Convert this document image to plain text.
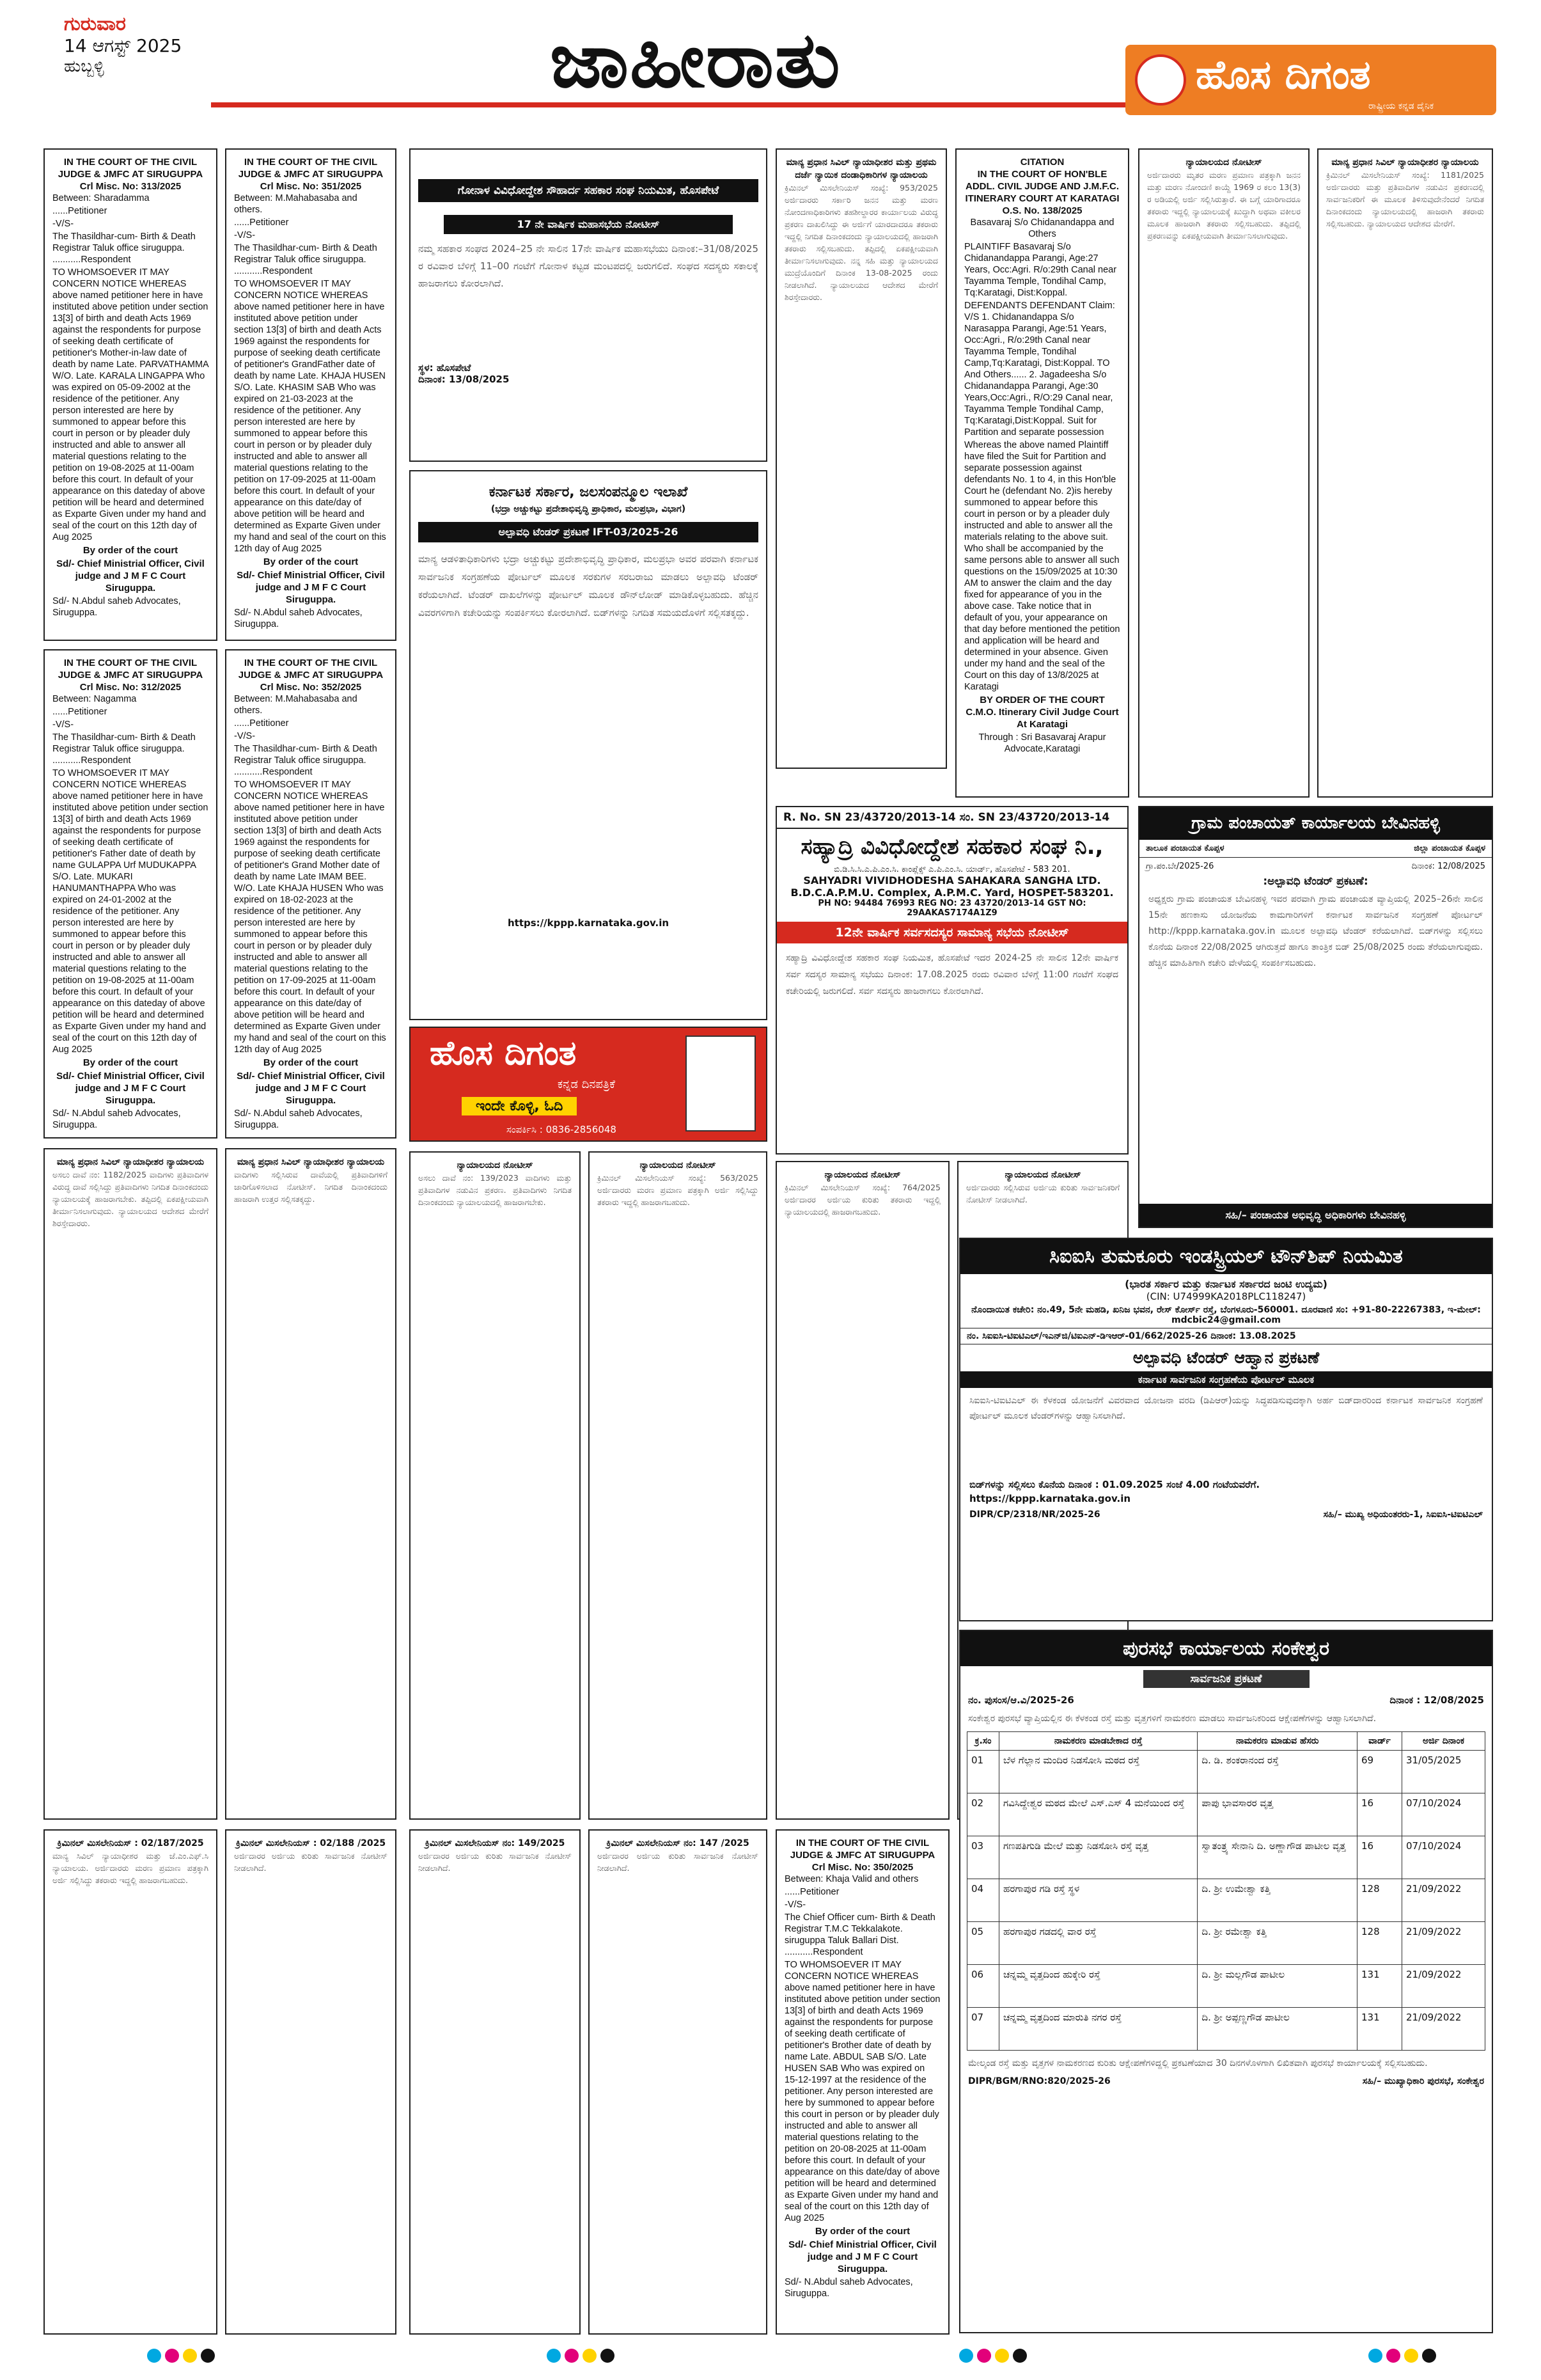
ಗುರುವಾರ
14 ಆಗಸ್ಟ್ 2025
ಹುಬ್ಬಳ್ಳಿ	ಜಾಹೀರಾತು	ಹೊಸ ದಿಗಂತ
ರಾಷ್ಟ್ರೀಯ ಕನ್ನಡ ದೈನಿಕ
IN THE COURT OF THE CIVIL JUDGE & JMFC AT SIRUGUPPA
Crl Misc. No: 313/2025

Between: Sharadamma

......Petitioner

-V/S-

The Thasildhar-cum- Birth & Death Registrar Taluk office siruguppa. ...........Respondent

TO WHOMSOEVER IT MAY CONCERN NOTICE WHEREAS above named petitioner here in have instituted above petition under section 13[3] of birth and death Acts 1969 against the respondents for purpose of seeking death certificate of petitioner's Mother-in-law date of death by name Late. PARVATHAMMA W/O. Late. KARALA LINGAPPA Who was expired on 05-09-2002 at the residence of the petitioner. Any person interested are here by summoned to appear before this court in person or by pleader duly instructed and able to answer all material questions relating to the petition on 19-08-2025 at 11-00am before this court. In default of your appearance on this dateday of above petition will be heard and determined as Exparte Given under my hand and seal of the court on this 12th day of Aug 2025

By order of the court

Sd/- Chief Ministrial Officer, Civil judge and J M F C Court Siruguppa.

Sd/- N.Abdul saheb Advocates, Siruguppa.

IN THE COURT OF THE CIVIL JUDGE & JMFC AT SIRUGUPPA
Crl Misc. No: 351/2025

Between: M.Mahabasaba and others.

......Petitioner

-V/S-

The Thasildhar-cum- Birth & Death Registrar Taluk office siruguppa. ...........Respondent

TO WHOMSOEVER IT MAY CONCERN NOTICE WHEREAS above named petitioner here in have instituted above petition under section 13[3] of birth and death Acts 1969 against the respondents for purpose of seeking death certificate of petitioner's GrandFather date of death by name Late. KHAJA HUSEN S/O. Late. KHASIM SAB Who was expired on 21-03-2023 at the residence of the petitioner. Any person interested are here by summoned to appear before this court in person or by pleader duly instructed and able to answer all material questions relating to the petition on 17-09-2025 at 11-00am before this court. In default of your appearance on this date/day of above petition will be heard and determined as Exparte Given under my hand and seal of the court on this 12th day of Aug 2025

By order of the court

Sd/- Chief Ministrial Officer, Civil judge and J M F C Court Siruguppa.

Sd/- N.Abdul saheb Advocates, Siruguppa.

IN THE COURT OF THE CIVIL JUDGE & JMFC AT SIRUGUPPA
Crl Misc. No: 312/2025

Between: Nagamma

......Petitioner

-V/S-

The Thasildhar-cum- Birth & Death Registrar Taluk office siruguppa. ...........Respondent

TO WHOMSOEVER IT MAY CONCERN NOTICE WHEREAS above named petitioner here in have instituted above petition under section 13[3] of birth and death Acts 1969 against the respondents for purpose of seeking death certificate of petitioner's Father date of death by name GULAPPA Urf MUDUKAPPA S/O. Late. MUKARI HANUMANTHAPPA Who was expired on 24-01-2002 at the residence of the petitioner. Any person interested are here by summoned to appear before this court in person or by pleader duly instructed and able to answer all material questions relating to the petition on 19-08-2025 at 11-00am before this court. In default of your appearance on this dateday of above petition will be heard and determined as Exparte Given under my hand and seal of the court on this 12th day of Aug 2025

By order of the court

Sd/- Chief Ministrial Officer, Civil judge and J M F C Court Siruguppa.

Sd/- N.Abdul saheb Advocates, Siruguppa.

IN THE COURT OF THE CIVIL JUDGE & JMFC AT SIRUGUPPA
Crl Misc. No: 352/2025

Between: M.Mahabasaba and others.

......Petitioner

-V/S-

The Thasildhar-cum- Birth & Death Registrar Taluk office siruguppa. ...........Respondent

TO WHOMSOEVER IT MAY CONCERN NOTICE WHEREAS above named petitioner here in have instituted above petition under section 13[3] of birth and death Acts 1969 against the respondents for purpose of seeking death certificate of petitioner's Grand Mother date of death by name Late IMAM BEE. W/O. Late KHAJA HUSEN Who was expired on 18-02-2023 at the residence of the petitioner. Any person interested are here by summoned to appear before this court in person or by pleader duly instructed and able to answer all material questions relating to the petition on 17-09-2025 at 11-00am before this court. In default of your appearance on this date/day of above petition will be heard and determined as Exparte Given under my hand and seal of the court on this 12th day of Aug 2025

By order of the court

Sd/- Chief Ministrial Officer, Civil judge and J M F C Court Siruguppa.

Sd/- N.Abdul saheb Advocates, Siruguppa.

ಗೋನಾಳ ವಿವಿಧೋದ್ದೇಶ ಸೌಹಾರ್ದ ಸಹಕಾರ ಸಂಘ ನಿಯಮಿತ, ಹೊಸಪೇಟೆ
17 ನೇ ವಾರ್ಷಿಕ ಮಹಾಸಭೆಯ ನೋಟೀಸ್
ನಮ್ಮ ಸಹಕಾರ ಸಂಘದ 2024–25 ನೇ ಸಾಲಿನ 17ನೇ ವಾರ್ಷಿಕ ಮಹಾಸಭೆಯು ದಿನಾಂಕ:–31/08/2025 ರ ರವಿವಾರ ಬೆಳಿಗ್ಗೆ 11–00 ಗಂಟೆಗೆ ಗೋನಾಳ ಕಟ್ಟಡ ಮಂಟಪದಲ್ಲಿ ಜರುಗಲಿದೆ. ಸಂಘದ ಸದಸ್ಯರು ಸಕಾಲಕ್ಕೆ ಹಾಜರಾಗಲು ಕೋರಲಾಗಿದೆ.
ಸ್ಥಳ: ಹೊಸಪೇಟೆ
ದಿನಾಂಕ: 13/08/2025
ಕರ್ನಾಟಕ ಸರ್ಕಾರ, ಜಲಸಂಪನ್ಮೂಲ ಇಲಾಖೆ
(ಭದ್ರಾ ಅಚ್ಚುಕಟ್ಟು ಪ್ರದೇಶಾಭಿವೃದ್ಧಿ ಪ್ರಾಧಿಕಾರ, ಮಲಪ್ರಭಾ, ವಿಭಾಗ)
ಅಲ್ಪಾವಧಿ ಟೆಂಡರ್ ಪ್ರಕಟಣೆ IFT-03/2025-26
ಮಾನ್ಯ ಆಡಳಿತಾಧಿಕಾರಿಗಳು ಭದ್ರಾ ಅಚ್ಚುಕಟ್ಟು ಪ್ರದೇಶಾಭಿವೃದ್ಧಿ ಪ್ರಾಧಿಕಾರ, ಮಲಪ್ರಭಾ ಅವರ ಪರವಾಗಿ ಕರ್ನಾಟಕ ಸಾರ್ವಜನಿಕ ಸಂಗ್ರಹಣೆಯ ಪೋರ್ಟಲ್ ಮೂಲಕ ಸರಕುಗಳ ಸರಬರಾಜು ಮಾಡಲು ಅಲ್ಪಾವಧಿ ಟೆಂಡರ್ ಕರೆಯಲಾಗಿದೆ. ಟೆಂಡರ್ ದಾಖಲೆಗಳನ್ನು ಪೋರ್ಟಲ್ ಮೂಲಕ ಡೌನ್‌ಲೋಡ್ ಮಾಡಿಕೊಳ್ಳಬಹುದು. ಹೆಚ್ಚಿನ ವಿವರಗಳಿಗಾಗಿ ಕಚೇರಿಯನ್ನು ಸಂಪರ್ಕಿಸಲು ಕೋರಲಾಗಿದೆ. ಬಿಡ್‌ಗಳನ್ನು ನಿಗದಿತ ಸಮಯದೊಳಗೆ ಸಲ್ಲಿಸತಕ್ಕದ್ದು.
https://kppp.karnataka.gov.in
ಹೊಸ ದಿಗಂತ
ಕನ್ನಡ ದಿನಪತ್ರಿಕೆ
ಇಂದೇ ಕೊಳ್ಳಿ, ಓದಿ
ಸಂಪರ್ಕಿಸಿ : 0836-2856048
ಮಾನ್ಯ ಪ್ರಧಾನ ಸಿವಿಲ್ ನ್ಯಾಯಾಧೀಶರ ಮತ್ತು ಪ್ರಥಮ ದರ್ಜೆ ನ್ಯಾಯಿಕ ದಂಡಾಧಿಕಾರಿಗಳ ನ್ಯಾಯಾಲಯ
ಕ್ರಿಮಿನಲ್ ಮಿಸಲೇನಿಯಸ್ ಸಂಖ್ಯೆ: 953/2025 ಅರ್ಜಿದಾರರು ಸರ್ಕಾರಿ ಜನನ ಮತ್ತು ಮರಣ ನೋಂದಣಾಧಿಕಾರಿಗಳು ತಹಶೀಲ್ದಾರರ ಕಾರ್ಯಾಲಯ ವಿರುದ್ಧ ಪ್ರಕರಣ ದಾಖಲಿಸಿದ್ದು ಈ ಅರ್ಜಿಗೆ ಯಾರದಾದರೂ ತಕರಾರು ಇದ್ದಲ್ಲಿ ನಿಗದಿತ ದಿನಾಂಕದಂದು ನ್ಯಾಯಾಲಯದಲ್ಲಿ ಹಾಜರಾಗಿ ತಕರಾರು ಸಲ್ಲಿಸಬಹುದು. ತಪ್ಪಿದಲ್ಲಿ ಏಕಪಕ್ಷೀಯವಾಗಿ ತೀರ್ಮಾನಿಸಲಾಗುವುದು. ನನ್ನ ಸಹಿ ಮತ್ತು ನ್ಯಾಯಾಲಯದ ಮುದ್ರೆಯೊಂದಿಗೆ ದಿನಾಂಕ 13-08-2025 ರಂದು ನೀಡಲಾಗಿದೆ. ನ್ಯಾಯಾಲಯದ ಆದೇಶದ ಮೇರೆಗೆ ಶಿರಸ್ತೇದಾರರು.
CITATION
IN THE COURT OF HON'BLE ADDL. CIVIL JUDGE AND J.M.F.C. ITINERARY COURT AT KARATAGI
O.S. No. 138/2025

Basavaraj S/o Chidanandappa and Others

PLAINTIFF Basavaraj S/o Chidanandappa Parangi, Age:27 Years, Occ:Agri. R/o:29th Canal near Tayamma Temple, Tondihal Camp, Tq:Karatagi, Dist:Koppal.

DEFENDANTS DEFENDANT Claim: V/S 1. Chidanandappa S/o Narasappa Parangi, Age:51 Years, Occ:Agri., R/o:29th Canal near Tayamma Temple, Tondihal Camp,Tq:Karatagi, Dist:Koppal. TO And Others...... 2. Jagadeesha S/o Chidanandappa Parangi, Age:30 Years,Occ:Agri., R/O:29 Canal near, Tayamma Temple Tondihal Camp, Tq:Karatagi,Dist:Koppal. Suit for Partition and separate possession

Whereas the above named Plaintiff have filed the Suit for Partition and separate possession against defendants No. 1 to 4, in this Hon'ble Court he (defendant No. 2)is hereby summoned to appear before this court in person or by a pleader duly instructed and able to answer all the materials relating to the above suit. Who shall be accompanied by the same persons able to answer all such questions on the 15/09/2025 at 10:30 AM to answer the claim and the day fixed for appearance of you in the above case. Take notice that in default of you, your appearance on that day before mentioned the petition and application will be heard and determined in your absence. Given under my hand and the seal of the Court on this day of 13/8/2025 at Karatagi

BY ORDER OF THE COURT C.M.O. Itinerary Civil Judge Court At Karatagi

Through : Sri Basavaraj Arapur Advocate,Karatagi

ನ್ಯಾಯಾಲಯದ ನೋಟೀಸ್
ಅರ್ಜಿದಾರರು ಮೃತರ ಮರಣ ಪ್ರಮಾಣ ಪತ್ರಕ್ಕಾಗಿ ಜನನ ಮತ್ತು ಮರಣ ನೋಂದಣಿ ಕಾಯ್ದೆ 1969 ರ ಕಲಂ 13(3) ರ ಅಡಿಯಲ್ಲಿ ಅರ್ಜಿ ಸಲ್ಲಿಸಿರುತ್ತಾರೆ. ಈ ಬಗ್ಗೆ ಯಾರಿಗಾದರೂ ತಕರಾರು ಇದ್ದಲ್ಲಿ ನ್ಯಾಯಾಲಯಕ್ಕೆ ಖುದ್ದಾಗಿ ಅಥವಾ ವಕೀಲರ ಮೂಲಕ ಹಾಜರಾಗಿ ತಕರಾರು ಸಲ್ಲಿಸಬಹುದು. ತಪ್ಪಿದಲ್ಲಿ ಪ್ರಕರಣವನ್ನು ಏಕಪಕ್ಷೀಯವಾಗಿ ತೀರ್ಮಾನಿಸಲಾಗುವುದು.
ಮಾನ್ಯ ಪ್ರಧಾನ ಸಿವಿಲ್ ನ್ಯಾಯಾಧೀಶರ ನ್ಯಾಯಾಲಯ
ಕ್ರಿಮಿನಲ್ ಮಿಸಲೇನಿಯಸ್ ಸಂಖ್ಯೆ: 1181/2025 ಅರ್ಜಿದಾರರು ಮತ್ತು ಪ್ರತಿವಾದಿಗಳ ನಡುವಿನ ಪ್ರಕರಣದಲ್ಲಿ ಸಾರ್ವಜನಿಕರಿಗೆ ಈ ಮೂಲಕ ತಿಳಿಸುವುದೇನೆಂದರೆ ನಿಗದಿತ ದಿನಾಂಕದಂದು ನ್ಯಾಯಾಲಯದಲ್ಲಿ ಹಾಜರಾಗಿ ತಕರಾರು ಸಲ್ಲಿಸಬಹುದು. ನ್ಯಾಯಾಲಯದ ಆದೇಶದ ಮೇರೆಗೆ.
R. No. SN 23/43720/2013-14 ಸಂ. SN 23/43720/2013-14
ಸಹ್ಯಾದ್ರಿ ವಿವಿಧೋದ್ದೇಶ ಸಹಕಾರ ಸಂಘ ನಿ.,
ಬಿ.ಡಿ.ಸಿ.ಸಿ.ಎ.ಪಿ.ಎಂ.ಸಿ. ಕಾಂಪ್ಲೆಕ್ಸ್ ಎ.ಪಿ.ಎಂ.ಸಿ. ಯಾರ್ಡ್, ಹೊಸಪೇಟೆ - 583 201.
SAHYADRI VIVIDHODESHA SAHAKARA SANGHA LTD.
B.D.C.A.P.M.U. Complex, A.P.M.C. Yard, HOSPET-583201.
PH NO: 94484 76993 REG NO: 23 43720/2013-14 GST NO: 29AAKAS7174A1Z9
12ನೇ ವಾರ್ಷಿಕ ಸರ್ವಸದಸ್ಯರ ಸಾಮಾನ್ಯ ಸಭೆಯ ನೋಟೀಸ್
ಸಹ್ಯಾದ್ರಿ ವಿವಿಧೋದ್ದೇಶ ಸಹಕಾರ ಸಂಘ ನಿಯಮಿತ, ಹೊಸಪೇಟೆ ಇದರ 2024-25 ನೇ ಸಾಲಿನ 12ನೇ ವಾರ್ಷಿಕ ಸರ್ವ ಸದಸ್ಯರ ಸಾಮಾನ್ಯ ಸಭೆಯು ದಿನಾಂಕ: 17.08.2025 ರಂದು ರವಿವಾರ ಬೆಳಿಗ್ಗೆ 11:00 ಗಂಟೆಗೆ ಸಂಘದ ಕಚೇರಿಯಲ್ಲಿ ಜರುಗಲಿದೆ. ಸರ್ವ ಸದಸ್ಯರು ಹಾಜರಾಗಲು ಕೋರಲಾಗಿದೆ.
ಗ್ರಾಮ ಪಂಚಾಯತ್ ಕಾರ್ಯಾಲಯ ಬೇವಿನಹಳ್ಳಿ
ತಾಲೂಕ ಪಂಚಾಯತ ಕೊಪ್ಪಳ	ಜಿಲ್ಲಾ ಪಂಚಾಯತ ಕೊಪ್ಪಳ
ಗ್ರಾ.ಪಂ.ಬೇ/2025-26	ದಿನಾಂಕ: 12/08/2025
:ಅಲ್ಪಾವಧಿ ಟೆಂಡರ್ ಪ್ರಕಟಣೆ:
ಅಧ್ಯಕ್ಷರು ಗ್ರಾಮ ಪಂಚಾಯತ ಬೇವಿನಹಳ್ಳಿ ಇವರ ಪರವಾಗಿ ಗ್ರಾಮ ಪಂಚಾಯತ ವ್ಯಾಪ್ತಿಯಲ್ಲಿ 2025–26ನೇ ಸಾಲಿನ 15ನೇ ಹಣಕಾಸು ಯೋಜನೆಯ ಕಾಮಗಾರಿಗಳಿಗೆ ಕರ್ನಾಟಕ ಸಾರ್ವಜನಿಕ ಸಂಗ್ರಹಣೆ ಪೋರ್ಟಲ್ http://kppp.karnataka.gov.in ಮೂಲಕ ಅಲ್ಪಾವಧಿ ಟೆಂಡರ್ ಕರೆಯಲಾಗಿದೆ. ಬಿಡ್‌ಗಳನ್ನು ಸಲ್ಲಿಸಲು ಕೊನೆಯ ದಿನಾಂಕ 22/08/2025 ಆಗಿರುತ್ತದೆ ಹಾಗೂ ತಾಂತ್ರಿಕ ಬಿಡ್ 25/08/2025 ರಂದು ತೆರೆಯಲಾಗುವುದು. ಹೆಚ್ಚಿನ ಮಾಹಿತಿಗಾಗಿ ಕಚೇರಿ ವೇಳೆಯಲ್ಲಿ ಸಂಪರ್ಕಿಸಬಹುದು.
ಸಹಿ/– ಪಂಚಾಯತ ಅಭಿವೃದ್ಧಿ ಅಧಿಕಾರಿಗಳು ಬೇವಿನಹಳ್ಳಿ
ಮಾನ್ಯ ಪ್ರಧಾನ ಸಿವಿಲ್ ನ್ಯಾಯಾಧೀಶರ ನ್ಯಾಯಾಲಯ
ಅಸಲು ದಾವೆ ನಂ: 1182/2025 ವಾದಿಗಳು ಪ್ರತಿವಾದಿಗಳ ವಿರುದ್ಧ ದಾವೆ ಸಲ್ಲಿಸಿದ್ದು ಪ್ರತಿವಾದಿಗಳು ನಿಗದಿತ ದಿನಾಂಕದಂದು ನ್ಯಾಯಾಲಯಕ್ಕೆ ಹಾಜರಾಗಬೇಕು. ತಪ್ಪಿದಲ್ಲಿ ಏಕಪಕ್ಷೀಯವಾಗಿ ತೀರ್ಮಾನಿಸಲಾಗುವುದು. ನ್ಯಾಯಾಲಯದ ಆದೇಶದ ಮೇರೆಗೆ ಶಿರಸ್ತೇದಾರರು.
ಮಾನ್ಯ ಪ್ರಧಾನ ಸಿವಿಲ್ ನ್ಯಾಯಾಧೀಶರ ನ್ಯಾಯಾಲಯ
ವಾದಿಗಳು ಸಲ್ಲಿಸಿರುವ ದಾವೆಯಲ್ಲಿ ಪ್ರತಿವಾದಿಗಳಿಗೆ ಜಾರಿಗೊಳಿಸಲಾದ ನೋಟೀಸ್. ನಿಗದಿತ ದಿನಾಂಕದಂದು ಹಾಜರಾಗಿ ಉತ್ತರ ಸಲ್ಲಿಸತಕ್ಕದ್ದು.
ನ್ಯಾಯಾಲಯದ ನೋಟೀಸ್
ಅಸಲು ದಾವೆ ನಂ: 139/2023 ವಾದಿಗಳು ಮತ್ತು ಪ್ರತಿವಾದಿಗಳ ನಡುವಿನ ಪ್ರಕರಣ. ಪ್ರತಿವಾದಿಗಳು ನಿಗದಿತ ದಿನಾಂಕದಂದು ನ್ಯಾಯಾಲಯದಲ್ಲಿ ಹಾಜರಾಗಬೇಕು.
ನ್ಯಾಯಾಲಯದ ನೋಟೀಸ್
ಕ್ರಿಮಿನಲ್ ಮಿಸಲೇನಿಯಸ್ ಸಂಖ್ಯೆ: 563/2025 ಅರ್ಜಿದಾರರು ಮರಣ ಪ್ರಮಾಣ ಪತ್ರಕ್ಕಾಗಿ ಅರ್ಜಿ ಸಲ್ಲಿಸಿದ್ದು ತಕರಾರು ಇದ್ದಲ್ಲಿ ಹಾಜರಾಗಬಹುದು.
ನ್ಯಾಯಾಲಯದ ನೋಟೀಸ್
ಕ್ರಿಮಿನಲ್ ಮಿಸಲೇನಿಯಸ್ ಸಂಖ್ಯೆ: 764/2025 ಅರ್ಜಿದಾರರ ಅರ್ಜಿಯ ಕುರಿತು ತಕರಾರು ಇದ್ದಲ್ಲಿ ನ್ಯಾಯಾಲಯದಲ್ಲಿ ಹಾಜರಾಗಬಹುದು.
ನ್ಯಾಯಾಲಯದ ನೋಟೀಸ್
ಅರ್ಜಿದಾರರು ಸಲ್ಲಿಸಿರುವ ಅರ್ಜಿಯ ಕುರಿತು ಸಾರ್ವಜನಿಕರಿಗೆ ನೋಟೀಸ್ ನೀಡಲಾಗಿದೆ.
ಸಿಐಐಸಿ ತುಮಕೂರು ಇಂಡಸ್ಟ್ರಿಯಲ್ ಟೌನ್‌ಶಿಪ್ ನಿಯಮಿತ
(ಭಾರತ ಸರ್ಕಾರ ಮತ್ತು ಕರ್ನಾಟಕ ಸರ್ಕಾರದ ಜಂಟಿ ಉದ್ಯಮ)
(CIN: U74999KA2018PLC118247)
ನೊಂದಾಯಿತ ಕಚೇರಿ: ನಂ.49, 5ನೇ ಮಹಡಿ, ಖನಿಜ ಭವನ, ರೇಸ್ ಕೋರ್ಸ್ ರಸ್ತೆ, ಬೆಂಗಳೂರು-560001. ದೂರವಾಣಿ ಸಂ: +91-80-22267383, ಇ-ಮೇಲ್: mdcbic24@gmail.com
ನಂ. ಸಿಐಐಸಿ-ಟಿಐಟಿಎಲ್/ಇಎನ್‌ಜಿ/ಟಿಐಎನ್-ಡಿಇಆರ್-01/662/2025-26 ದಿನಾಂಕ: 13.08.2025
ಅಲ್ಪಾವಧಿ ಟೆಂಡರ್ ಆಹ್ವಾನ ಪ್ರಕಟಣೆ
ಕರ್ನಾಟಕ ಸಾರ್ವಜನಿಕ ಸಂಗ್ರಹಣೆಯ ಪೋರ್ಟಲ್ ಮೂಲಕ
ಸಿಐಐಸಿ-ಟಿಐಟಿಎಲ್ ಈ ಕೆಳಕಂಡ ಯೋಜನೆಗೆ ವಿವರವಾದ ಯೋಜನಾ ವರದಿ (ಡಿಪಿಆರ್)ಯನ್ನು ಸಿದ್ಧಪಡಿಸುವುದಕ್ಕಾಗಿ ಅರ್ಹ ಬಿಡ್‌ದಾರರಿಂದ ಕರ್ನಾಟಕ ಸಾರ್ವಜನಿಕ ಸಂಗ್ರಹಣೆ ಪೋರ್ಟಲ್ ಮೂಲಕ ಟೆಂಡರ್‌ಗಳನ್ನು ಆಹ್ವಾನಿಸಲಾಗಿದೆ.
ಬಿಡ್‌ಗಳನ್ನು ಸಲ್ಲಿಸಲು ಕೊನೆಯ ದಿನಾಂಕ : 01.09.2025 ಸಂಜೆ 4.00 ಗಂಟೆಯವರೆಗೆ.
https://kppp.karnataka.gov.in
DIPR/CP/2318/NR/2025-26	ಸಹಿ/– ಮುಖ್ಯ ಅಧಿಯಂತರರು-1, ಸಿಐಐಸಿ-ಟಿಐಟಿಎಲ್
ಕ್ರಿಮಿನಲ್ ಮಿಸಲೇನಿಯಸ್ : 02/187/2025
ಮಾನ್ಯ ಸಿವಿಲ್ ನ್ಯಾಯಾಧೀಶರ ಮತ್ತು ಜೆ.ಎಂ.ಎಫ್.ಸಿ ನ್ಯಾಯಾಲಯ. ಅರ್ಜಿದಾರರು ಮರಣ ಪ್ರಮಾಣ ಪತ್ರಕ್ಕಾಗಿ ಅರ್ಜಿ ಸಲ್ಲಿಸಿದ್ದು ತಕರಾರು ಇದ್ದಲ್ಲಿ ಹಾಜರಾಗಬಹುದು.
ಕ್ರಿಮಿನಲ್ ಮಿಸಲೇನಿಯಸ್ : 02/188 /2025
ಅರ್ಜಿದಾರರ ಅರ್ಜಿಯ ಕುರಿತು ಸಾರ್ವಜನಿಕ ನೋಟೀಸ್ ನೀಡಲಾಗಿದೆ.
ಕ್ರಿಮಿನಲ್ ಮಿಸಲೇನಿಯಸ್ ನಂ: 149/2025
ಅರ್ಜಿದಾರರ ಅರ್ಜಿಯ ಕುರಿತು ಸಾರ್ವಜನಿಕ ನೋಟೀಸ್ ನೀಡಲಾಗಿದೆ.
ಕ್ರಿಮಿನಲ್ ಮಿಸಲೇನಿಯಸ್ ನಂ: 147 /2025
ಅರ್ಜಿದಾರರ ಅರ್ಜಿಯ ಕುರಿತು ಸಾರ್ವಜನಿಕ ನೋಟೀಸ್ ನೀಡಲಾಗಿದೆ.
IN THE COURT OF THE CIVIL JUDGE & JMFC AT SIRUGUPPA
Crl Misc. No: 350/2025

Between: Khaja Valid and others

......Petitioner

-V/S-

The Chief Officer cum- Birth & Death Registrar T.M.C Tekkalakote. siruguppa Taluk Ballari Dist. ...........Respondent

TO WHOMSOEVER IT MAY CONCERN NOTICE WHEREAS above named petitioner here in have instituted above petition under section 13[3] of birth and death Acts 1969 against the respondents for purpose of seeking death certificate of petitioner's Brother date of death by name Late. ABDUL SAB S/O. Late HUSEN SAB Who was expired on 15-12-1997 at the residence of the petitioner. Any person interested are here by summoned to appear before this court in person or by pleader duly instructed and able to answer all material questions relating to the petition on 20-08-2025 at 11-00am before this court. In default of your appearance on this date/day of above petition will be heard and determined as Exparte Given under my hand and seal of the court on this 12th day of Aug 2025

By order of the court

Sd/- Chief Ministrial Officer, Civil judge and J M F C Court Siruguppa.

Sd/- N.Abdul saheb Advocates, Siruguppa.

ಪುರಸಭೆ ಕಾರ್ಯಾಲಯ ಸಂಕೇಶ್ವರ
ಸಾರ್ವಜನಿಕ ಪ್ರಕಟಣೆ
ನಂ. ಪುಸಂಸ/ಆ.ವಿ/2025-26	ದಿನಾಂಕ : 12/08/2025
ಸಂಕೇಶ್ವರ ಪುರಸಭೆ ವ್ಯಾಪ್ತಿಯಲ್ಲಿನ ಈ ಕೆಳಕಂಡ ರಸ್ತೆ ಮತ್ತು ವೃತ್ತಗಳಿಗೆ ನಾಮಕರಣ ಮಾಡಲು ಸಾರ್ವಜನಿಕರಿಂದ ಆಕ್ಷೇಪಣೆಗಳನ್ನು ಆಹ್ವಾನಿಸಲಾಗಿದೆ.
ಕ್ರ.ಸಂ	ನಾಮಕರಣ ಮಾಡಬೇಕಾದ ರಸ್ತೆ	ನಾಮಕರಣ ಮಾಡುವ ಹೆಸರು	ವಾರ್ಡ್	ಅರ್ಜಿ ದಿನಾಂಕ
01	ಬೆಳ ಗೆಲ್ಲಾನ ಮಂದಿರ ನಿಡಸೋಸಿ ಮಠದ ರಸ್ತೆ	ದಿ. ಡಿ. ಶಂಕರಾನಂದ ರಸ್ತೆ	69	31/05/2025
02	ಗವಿಸಿದ್ದೇಶ್ವರ ಮಠದ ಮೇಲೆ ಎಸ್.ಎಸ್ 4 ಮನೆಯಿಂದ ರಸ್ತೆ	ಪಾಪು ಭಾವಸಾರರ ವೃತ್ತ	16	07/10/2024
03	ಗಣಪತಿಗುಡಿ ಮೇಲೆ ಮತ್ತು ನಿಡಸೋಸಿ ರಸ್ತೆ ವೃತ್ತ	ಸ್ವಾತಂತ್ರ್ಯ ಸೇನಾನಿ ದಿ. ಅಣ್ಣಾಗೌಡ ಪಾಟೀಲ ವೃತ್ತ	16	07/10/2024
04	ಹರಗಾಪುರ ಗಡಿ ರಸ್ತೆ ಸ್ಥಳ	ದಿ. ಶ್ರೀ ಉಮೇಶ್ವಾ ಕತ್ತಿ	128	21/09/2022
05	ಹರಗಾಪುರ ಗಡದಲ್ಲಿ ವಾರ ರಸ್ತೆ	ದಿ. ಶ್ರೀ ರಮೇಶ್ವಾ ಕತ್ತಿ	128	21/09/2022
06	ಚನ್ನಮ್ಮ ವೃತ್ತದಿಂದ ಹುಕ್ಕೇರಿ ರಸ್ತೆ	ದಿ. ಶ್ರೀ ಮಲ್ಲಗೌಡ ಪಾಟೀಲ	131	21/09/2022
07	ಚನ್ನಮ್ಮ ವೃತ್ತದಿಂದ ಮಾರುತಿ ನಗರ ರಸ್ತೆ	ದಿ. ಶ್ರೀ ಅಪ್ಪಣ್ಣಗೌಡ ಪಾಟೀಲ	131	21/09/2022
ಮೇಲ್ಕಂಡ ರಸ್ತೆ ಮತ್ತು ವೃತ್ತಗಳ ನಾಮಕರಣದ ಕುರಿತು ಆಕ್ಷೇಪಣೆಗಳಿದ್ದಲ್ಲಿ ಪ್ರಕಟಣೆಯಾದ 30 ದಿನಗಳೊಳಗಾಗಿ ಲಿಖಿತವಾಗಿ ಪುರಸಭೆ ಕಾರ್ಯಾಲಯಕ್ಕೆ ಸಲ್ಲಿಸಬಹುದು.
DIPR/BGM/RNO:820/2025-26	ಸಹಿ/– ಮುಖ್ಯಾಧಿಕಾರಿ ಪುರಸಭೆ, ಸಂಕೇಶ್ವರ
